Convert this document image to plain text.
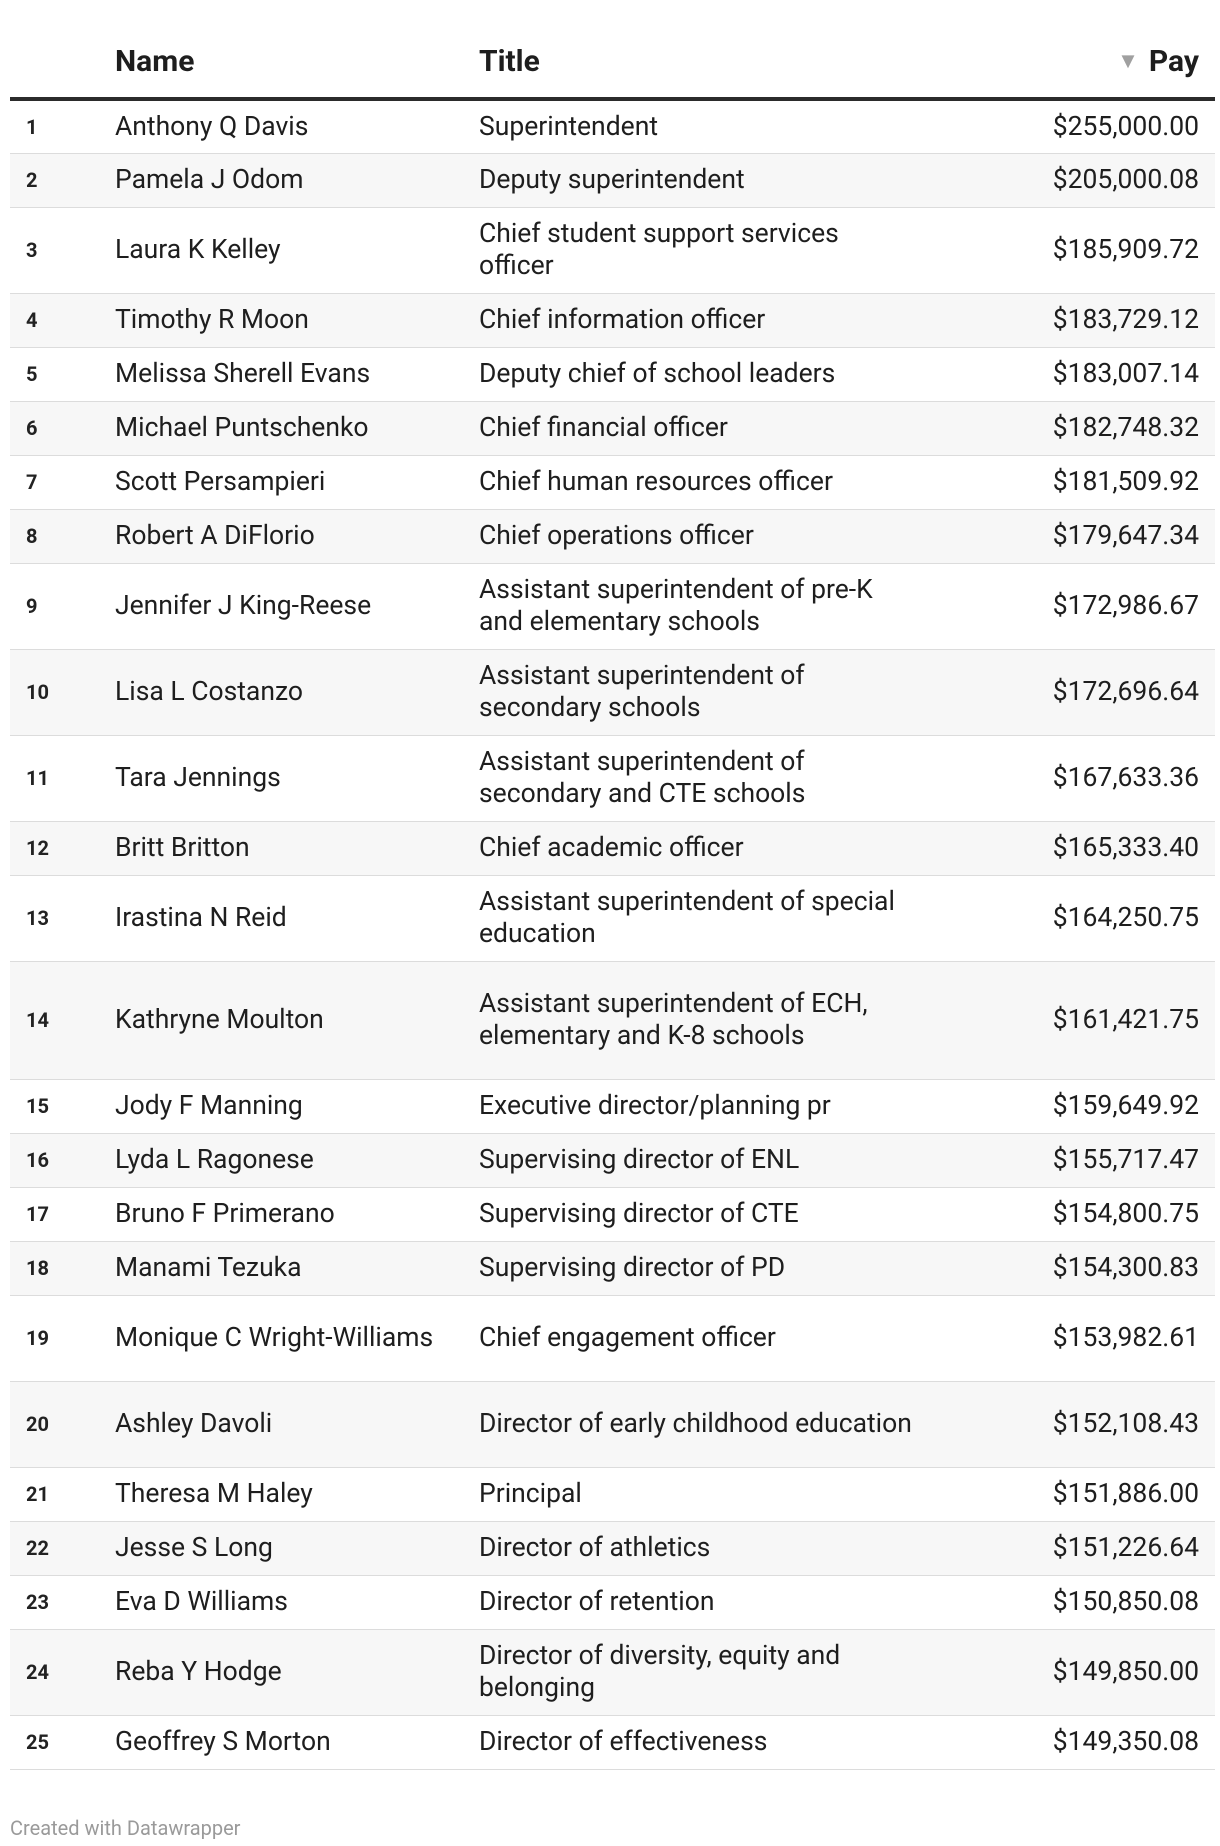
	Name	Title	▼ Pay
1	Anthony Q Davis	Superintendent	$255,000.00
2	Pamela J Odom	Deputy superintendent	$205,000.08
3	Laura K Kelley	Chief student support services officer	$185,909.72
4	Timothy R Moon	Chief information officer	$183,729.12
5	Melissa Sherell Evans	Deputy chief of school leaders	$183,007.14
6	Michael Puntschenko	Chief financial officer	$182,748.32
7	Scott Persampieri	Chief human resources officer	$181,509.92
8	Robert A DiFlorio	Chief operations officer	$179,647.34
9	Jennifer J King-Reese	Assistant superintendent of pre-K and elementary schools	$172,986.67
10	Lisa L Costanzo	Assistant superintendent of secondary schools	$172,696.64
11	Tara Jennings	Assistant superintendent of secondary and CTE schools	$167,633.36
12	Britt Britton	Chief academic officer	$165,333.40
13	Irastina N Reid	Assistant superintendent of special education	$164,250.75
14	Kathryne Moulton	Assistant superintendent of ECH, elementary and K-8 schools	$161,421.75
15	Jody F Manning	Executive director/planning pr	$159,649.92
16	Lyda L Ragonese	Supervising director of ENL	$155,717.47
17	Bruno F Primerano	Supervising director of CTE	$154,800.75
18	Manami Tezuka	Supervising director of PD	$154,300.83
19	Monique C Wright-Williams	Chief engagement officer	$153,982.61
20	Ashley Davoli	Director of early childhood education	$152,108.43
21	Theresa M Haley	Principal	$151,886.00
22	Jesse S Long	Director of athletics	$151,226.64
23	Eva D Williams	Director of retention	$150,850.08
24	Reba Y Hodge	Director of diversity, equity and belonging	$149,850.00
25	Geoffrey S Morton	Director of effectiveness	$149,350.08
Created with Datawrapper
